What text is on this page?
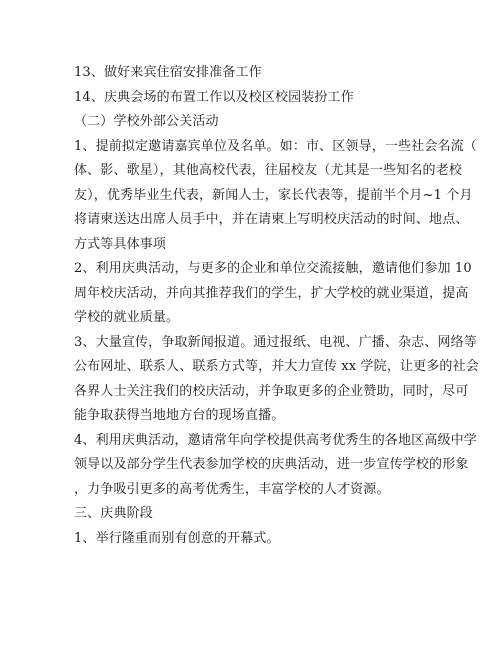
13、做好来宾住宿安排准备工作
14、庆典会场的布置工作以及校区校园装扮工作
（二）学校外部公关活动
1、提前拟定邀请嘉宾单位及名单。如：市、区领导，一些社会名流（
体、影、歌星），其他高校代表，往届校友（尤其是一些知名的老校
友），优秀毕业生代表，新闻人士，家长代表等，提前半个月~1 个月
将请柬送达出席人员手中，并在请柬上写明校庆活动的时间、地点、
方式等具体事项
2、利用庆典活动，与更多的企业和单位交流接触，邀请他们参加 10
周年校庆活动，并向其推荐我们的学生，扩大学校的就业渠道，提高
学校的就业质量。
3、大量宣传，争取新闻报道。通过报纸、电视、广播、杂志、网络等
公布网址、联系人、联系方式等，并大力宣传 xx 学院，让更多的社会
各界人士关注我们的校庆活动，并争取更多的企业赞助，同时，尽可
能争取获得当地地方台的现场直播。
4、利用庆典活动，邀请常年向学校提供高考优秀生的各地区高级中学
领导以及部分学生代表参加学校的庆典活动，进一步宣传学校的形象
，力争吸引更多的高考优秀生，丰富学校的人才资源。
三、庆典阶段
1、举行隆重而别有创意的开幕式。
